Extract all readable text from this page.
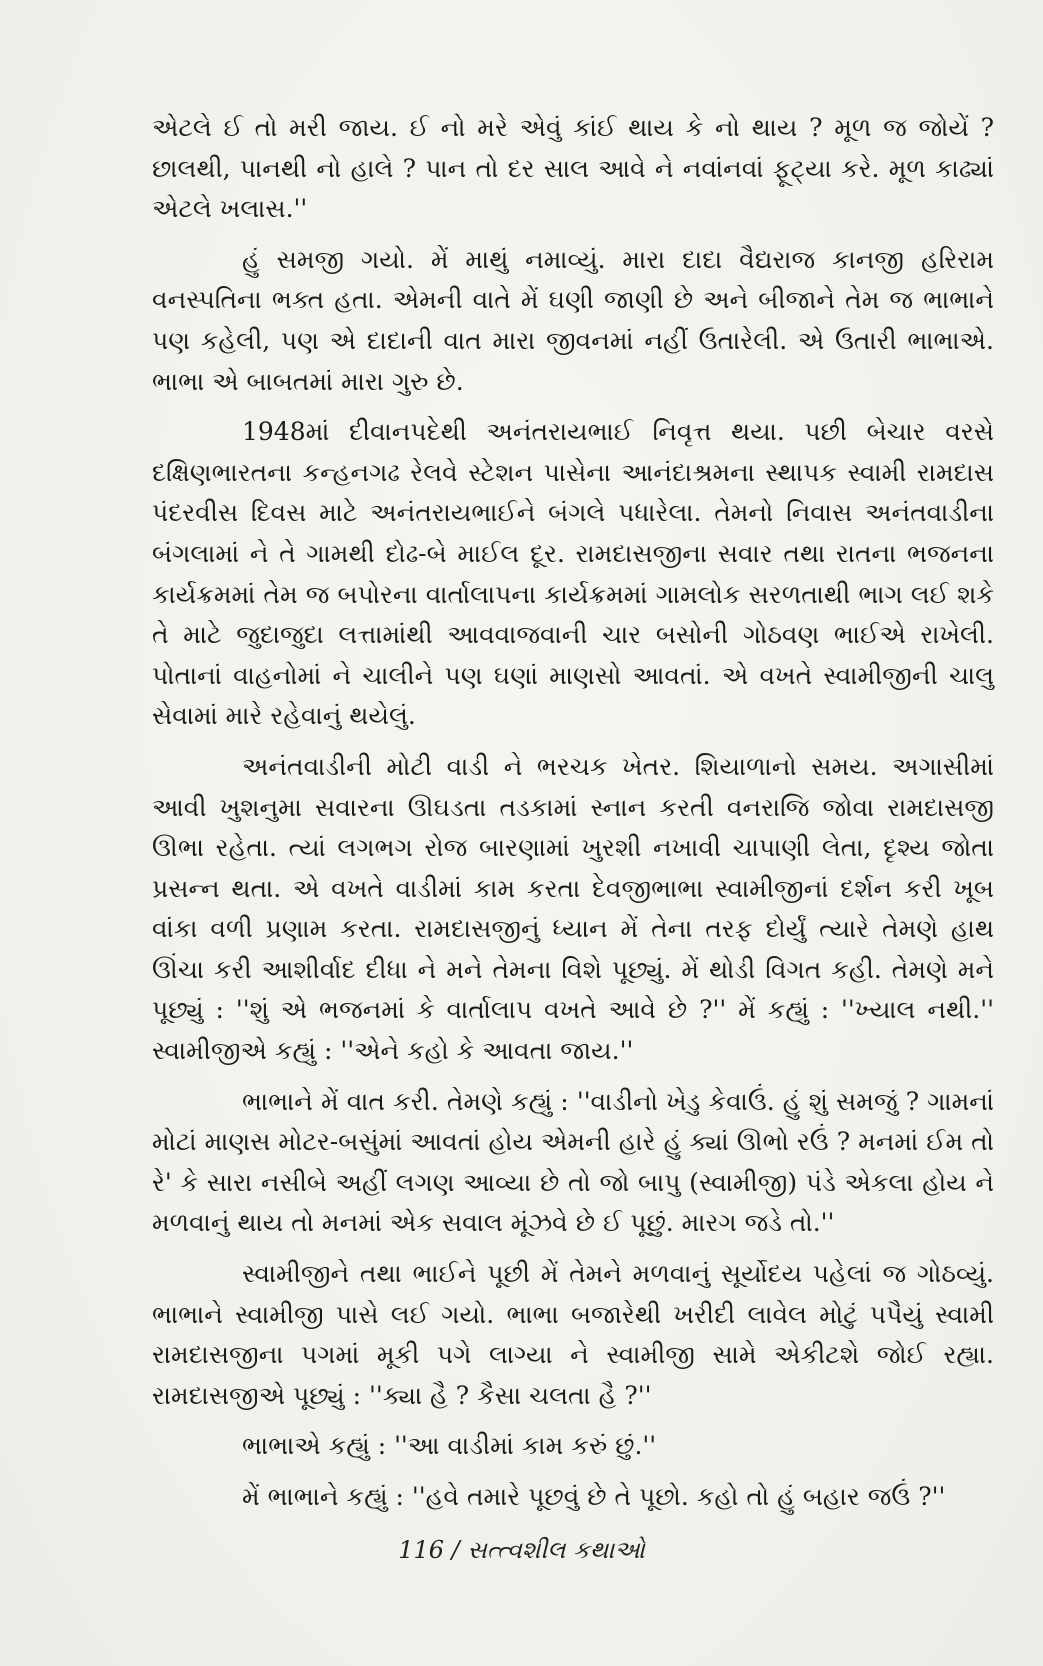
એટલે ઈ તો મરી જાય. ઈ નો મરે એવું કાંઈ થાય કે નો થાય ? મૂળ જ જોયેં ? છાલથી, પાનથી નો હાલે ? પાન તો દર સાલ આવે ને નવાંનવાં ફૂટ્યા કરે. મૂળ કાઢ્યાં એટલે ખલાસ.''

હું સમજી ગયો. મેં માથું નમાવ્યું. મારા દાદા વૈદ્યરાજ કાનજી હરિરામ વનસ્પતિના ભક્ત હતા. એમની વાતે મેં ઘણી જાણી છે અને બીજાને તેમ જ ભાભાને પણ કહેલી, પણ એ દાદાની વાત મારા જીવનમાં નહીં ઉતારેલી. એ ઉતારી ભાભાએ. ભાભા એ બાબતમાં મારા ગુરુ છે.

1948માં દીવાનપદેથી અનંતરાયભાઈ નિવૃત્ત થયા. પછી બેચાર વરસે દક્ષિણભારતના કન્હનગઢ રેલવે સ્ટેશન પાસેના આનંદાશ્રમના સ્થાપક સ્વામી રામદાસ પંદરવીસ દિવસ માટે અનંતરાયભાઈને બંગલે પધારેલા. તેમનો નિવાસ અનંતવાડીના બંગલામાં ને તે ગામથી દોઢ-બે માઈલ દૂર. રામદાસજીના સવાર તથા રાતના ભજનના કાર્યક્રમમાં તેમ જ બપોરના વાર્તાલાપના કાર્યક્રમમાં ગામલોક સરળતાથી ભાગ લઈ શકે તે માટે જુદાજુદા લત્તામાંથી આવવાજવાની ચાર બસોની ગોઠવણ ભાઈએ રાખેલી. પોતાનાં વાહનોમાં ને ચાલીને પણ ઘણાં માણસો આવતાં. એ વખતે સ્વામીજીની ચાલુ સેવામાં મારે રહેવાનું થયેલું.

અનંતવાડીની મોટી વાડી ને ભરચક ખેતર. શિયાળાનો સમય. અગાસીમાં આવી ખુશનુમા સવારના ઊઘડતા તડકામાં સ્નાન કરતી વનરાજિ જોવા રામદાસજી ઊભા રહેતા. ત્યાં લગભગ રોજ બારણામાં ખુરશી નખાવી ચાપાણી લેતા, દૃશ્ય જોતા પ્રસન્ન થતા. એ વખતે વાડીમાં કામ કરતા દેવજીભાભા સ્વામીજીનાં દર્શન કરી ખૂબ વાંકા વળી પ્રણામ કરતા. રામદાસજીનું ધ્યાન મેં તેના તરફ દોર્યું ત્યારે તેમણે હાથ ઊંચા કરી આશીર્વાદ દીધા ને મને તેમના વિશે પૂછ્યું. મેં થોડી વિગત કહી. તેમણે મને પૂછ્યું : ''શું એ ભજનમાં કે વાર્તાલાપ વખતે આવે છે ?'' મેં કહ્યું : ''ખ્યાલ નથી.'' સ્વામીજીએ કહ્યું : ''એને કહો કે આવતા જાય.''

ભાભાને મેં વાત કરી. તેમણે કહ્યું : ''વાડીનો ખેડુ કેવાઉં. હું શું સમજું ? ગામનાં મોટાં માણસ મોટર-બસુંમાં આવતાં હોય એમની હારે હું ક્યાં ઊભો રઉં ? મનમાં ઈમ તો રે' કે સારા નસીબે અહીં લગણ આવ્યા છે તો જો બાપુ (સ્વામીજી) પંડે એકલા હોય ને મળવાનું થાય તો મનમાં એક સવાલ મૂંઝવે છે ઈ પૂછું. મારગ જડે તો.''

સ્વામીજીને તથા ભાઈને પૂછી મેં તેમને મળવાનું સૂર્યોદય પહેલાં જ ગોઠવ્યું. ભાભાને સ્વામીજી પાસે લઈ ગયો. ભાભા બજારેથી ખરીદી લાવેલ મોટું પપૈયું સ્વામી રામદાસજીના પગમાં મૂકી પગે લાગ્યા ને સ્વામીજી સામે એકીટશે જોઈ રહ્યા. રામદાસજીએ પૂછ્યું : ''ક્યા હૈ ? કૈસા ચલતા હૈ ?''

ભાભાએ કહ્યું : ''આ વાડીમાં કામ કરું છું.''

મેં ભાભાને કહ્યું : ''હવે તમારે પૂછવું છે તે પૂછો. કહો તો હું બહાર જઉં ?''

116 / સત્ત્વશીલ કથાઓ
